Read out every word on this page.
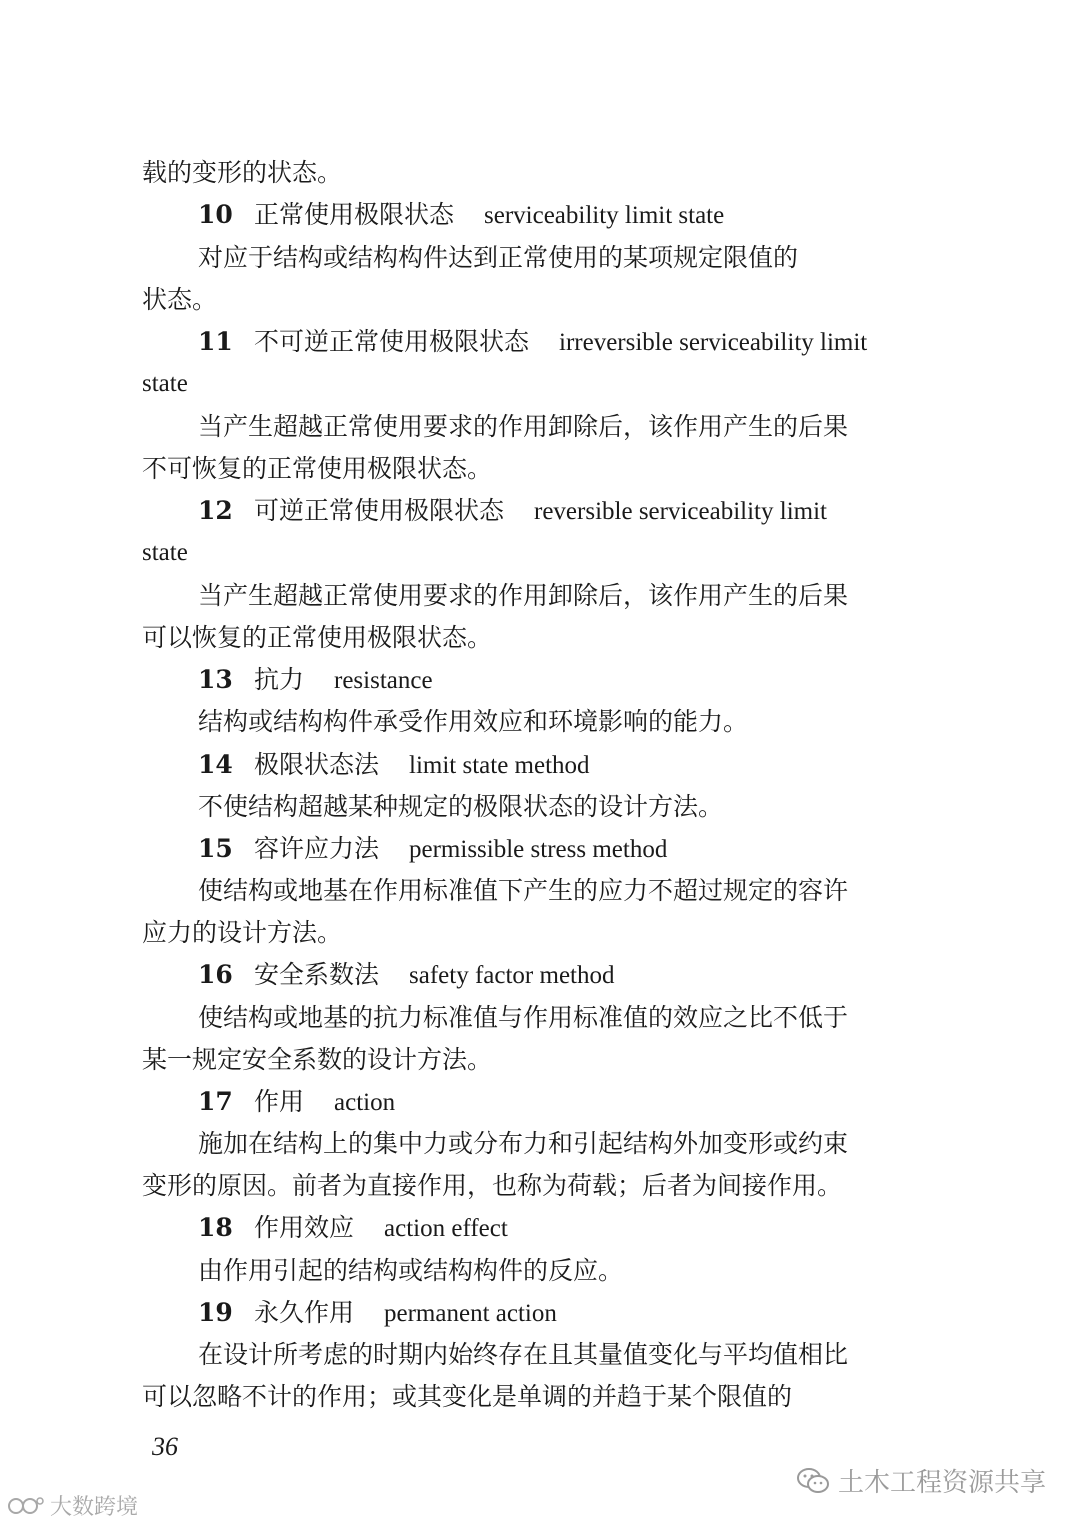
载的变形的状态。
10 正常使用极限状态 serviceability limit state
对应于结构或结构构件达到正常使用的某项规定限值的
状态。
11 不可逆正常使用极限状态 irreversible serviceability limit
state
当产生超越正常使用要求的作用卸除后，该作用产生的后果
不可恢复的正常使用极限状态。
12 可逆正常使用极限状态 reversible serviceability limit
state
当产生超越正常使用要求的作用卸除后，该作用产生的后果
可以恢复的正常使用极限状态。
13 抗力 resistance
结构或结构构件承受作用效应和环境影响的能力。
14 极限状态法 limit state method
不使结构超越某种规定的极限状态的设计方法。
15 容许应力法 permissible stress method
使结构或地基在作用标准值下产生的应力不超过规定的容许
应力的设计方法。
16 安全系数法 safety factor method
使结构或地基的抗力标准值与作用标准值的效应之比不低于
某一规定安全系数的设计方法。
17 作用 action
施加在结构上的集中力或分布力和引起结构外加变形或约束
变形的原因。前者为直接作用，也称为荷载；后者为间接作用。
18 作用效应 action effect
由作用引起的结构或结构构件的反应。
19 永久作用 permanent action
在设计所考虑的时期内始终存在且其量值变化与平均值相比
可以忽略不计的作用；或其变化是单调的并趋于某个限值的
36
土木工程资源共享
大数跨境
